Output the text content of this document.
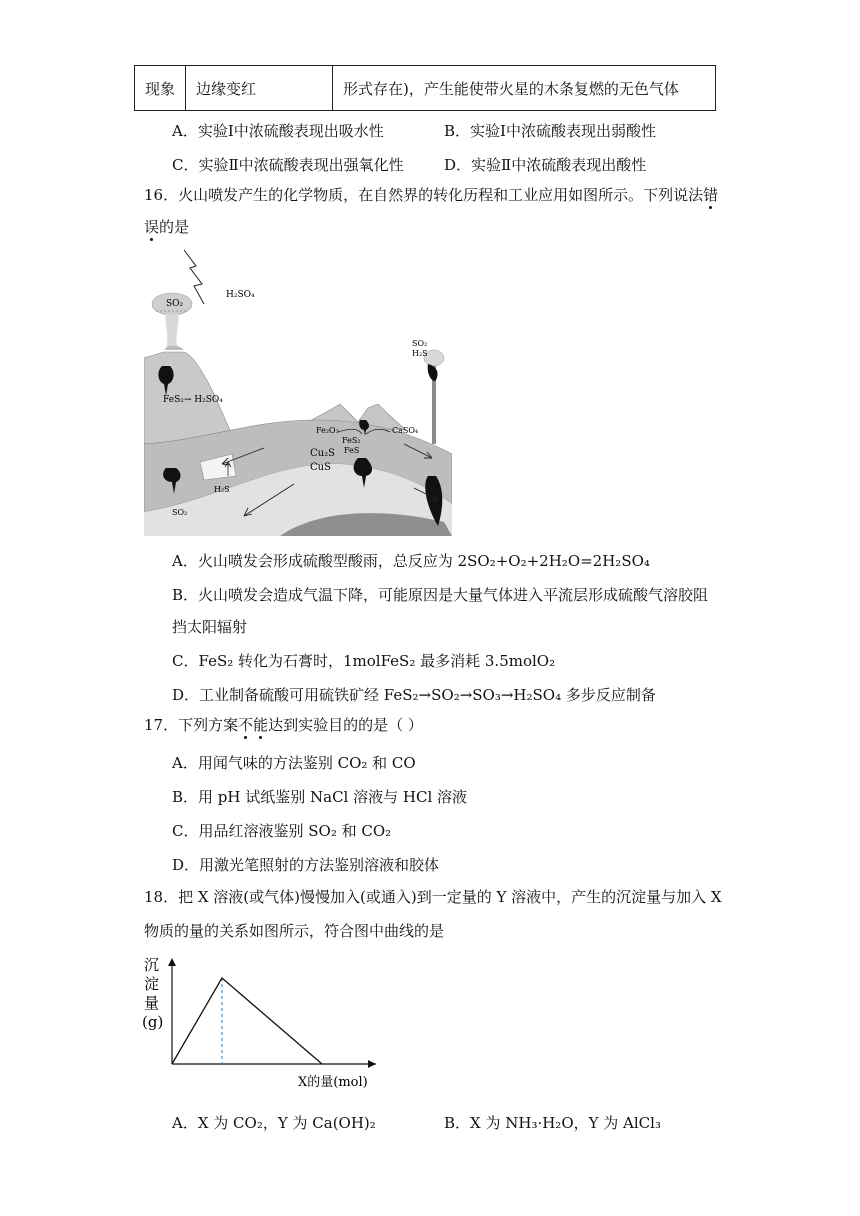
现象	边缘变红	形式存在)，产生能使带火星的木条复燃的无色气体
A．实验Ⅰ中浓硫酸表现出吸水性	B．实验Ⅰ中浓硫酸表现出弱酸性
C．实验Ⅱ中浓硫酸表现出强氧化性	D．实验Ⅱ中浓硫酸表现出酸性
16．火山喷发产生的化学物质，在自然界的转化历程和工业应用如图所示。下列说法错
误的是
SO₂
H₂SO₄
FeS₂→ H₂SO₄
SO₂
H₂S
Fe₂O₃	CaSO₄
FeS₂
FeS
Cu₂S
CuS
H₂S
SO₂
A．火山喷发会形成硫酸型酸雨，总反应为 2SO₂+O₂+2H₂O=2H₂SO₄
B．火山喷发会造成气温下降，可能原因是大量气体进入平流层形成硫酸气溶胶阻
挡太阳辐射
C．FeS₂ 转化为石膏时，1molFeS₂ 最多消耗 3.5molO₂
D．工业制备硫酸可用硫铁矿经 FeS₂→SO₂→SO₃→H₂SO₄ 多步反应制备
17．下列方案不能达到实验目的的是（ ）
A．用闻气味的方法鉴别 CO₂ 和 CO
B．用 pH 试纸鉴别 NaCl 溶液与 HCl 溶液
C．用品红溶液鉴别 SO₂ 和 CO₂
D．用激光笔照射的方法鉴别溶液和胶体
18．把 X 溶液(或气体)慢慢加入(或通入)到一定量的 Y 溶液中，产生的沉淀量与加入 X
物质的量的关系如图所示，符合图中曲线的是
沉
淀
量
(g)
X的量(mol)
A．X 为 CO₂，Y 为 Ca(OH)₂	B．X 为 NH₃·H₂O，Y 为 AlCl₃
